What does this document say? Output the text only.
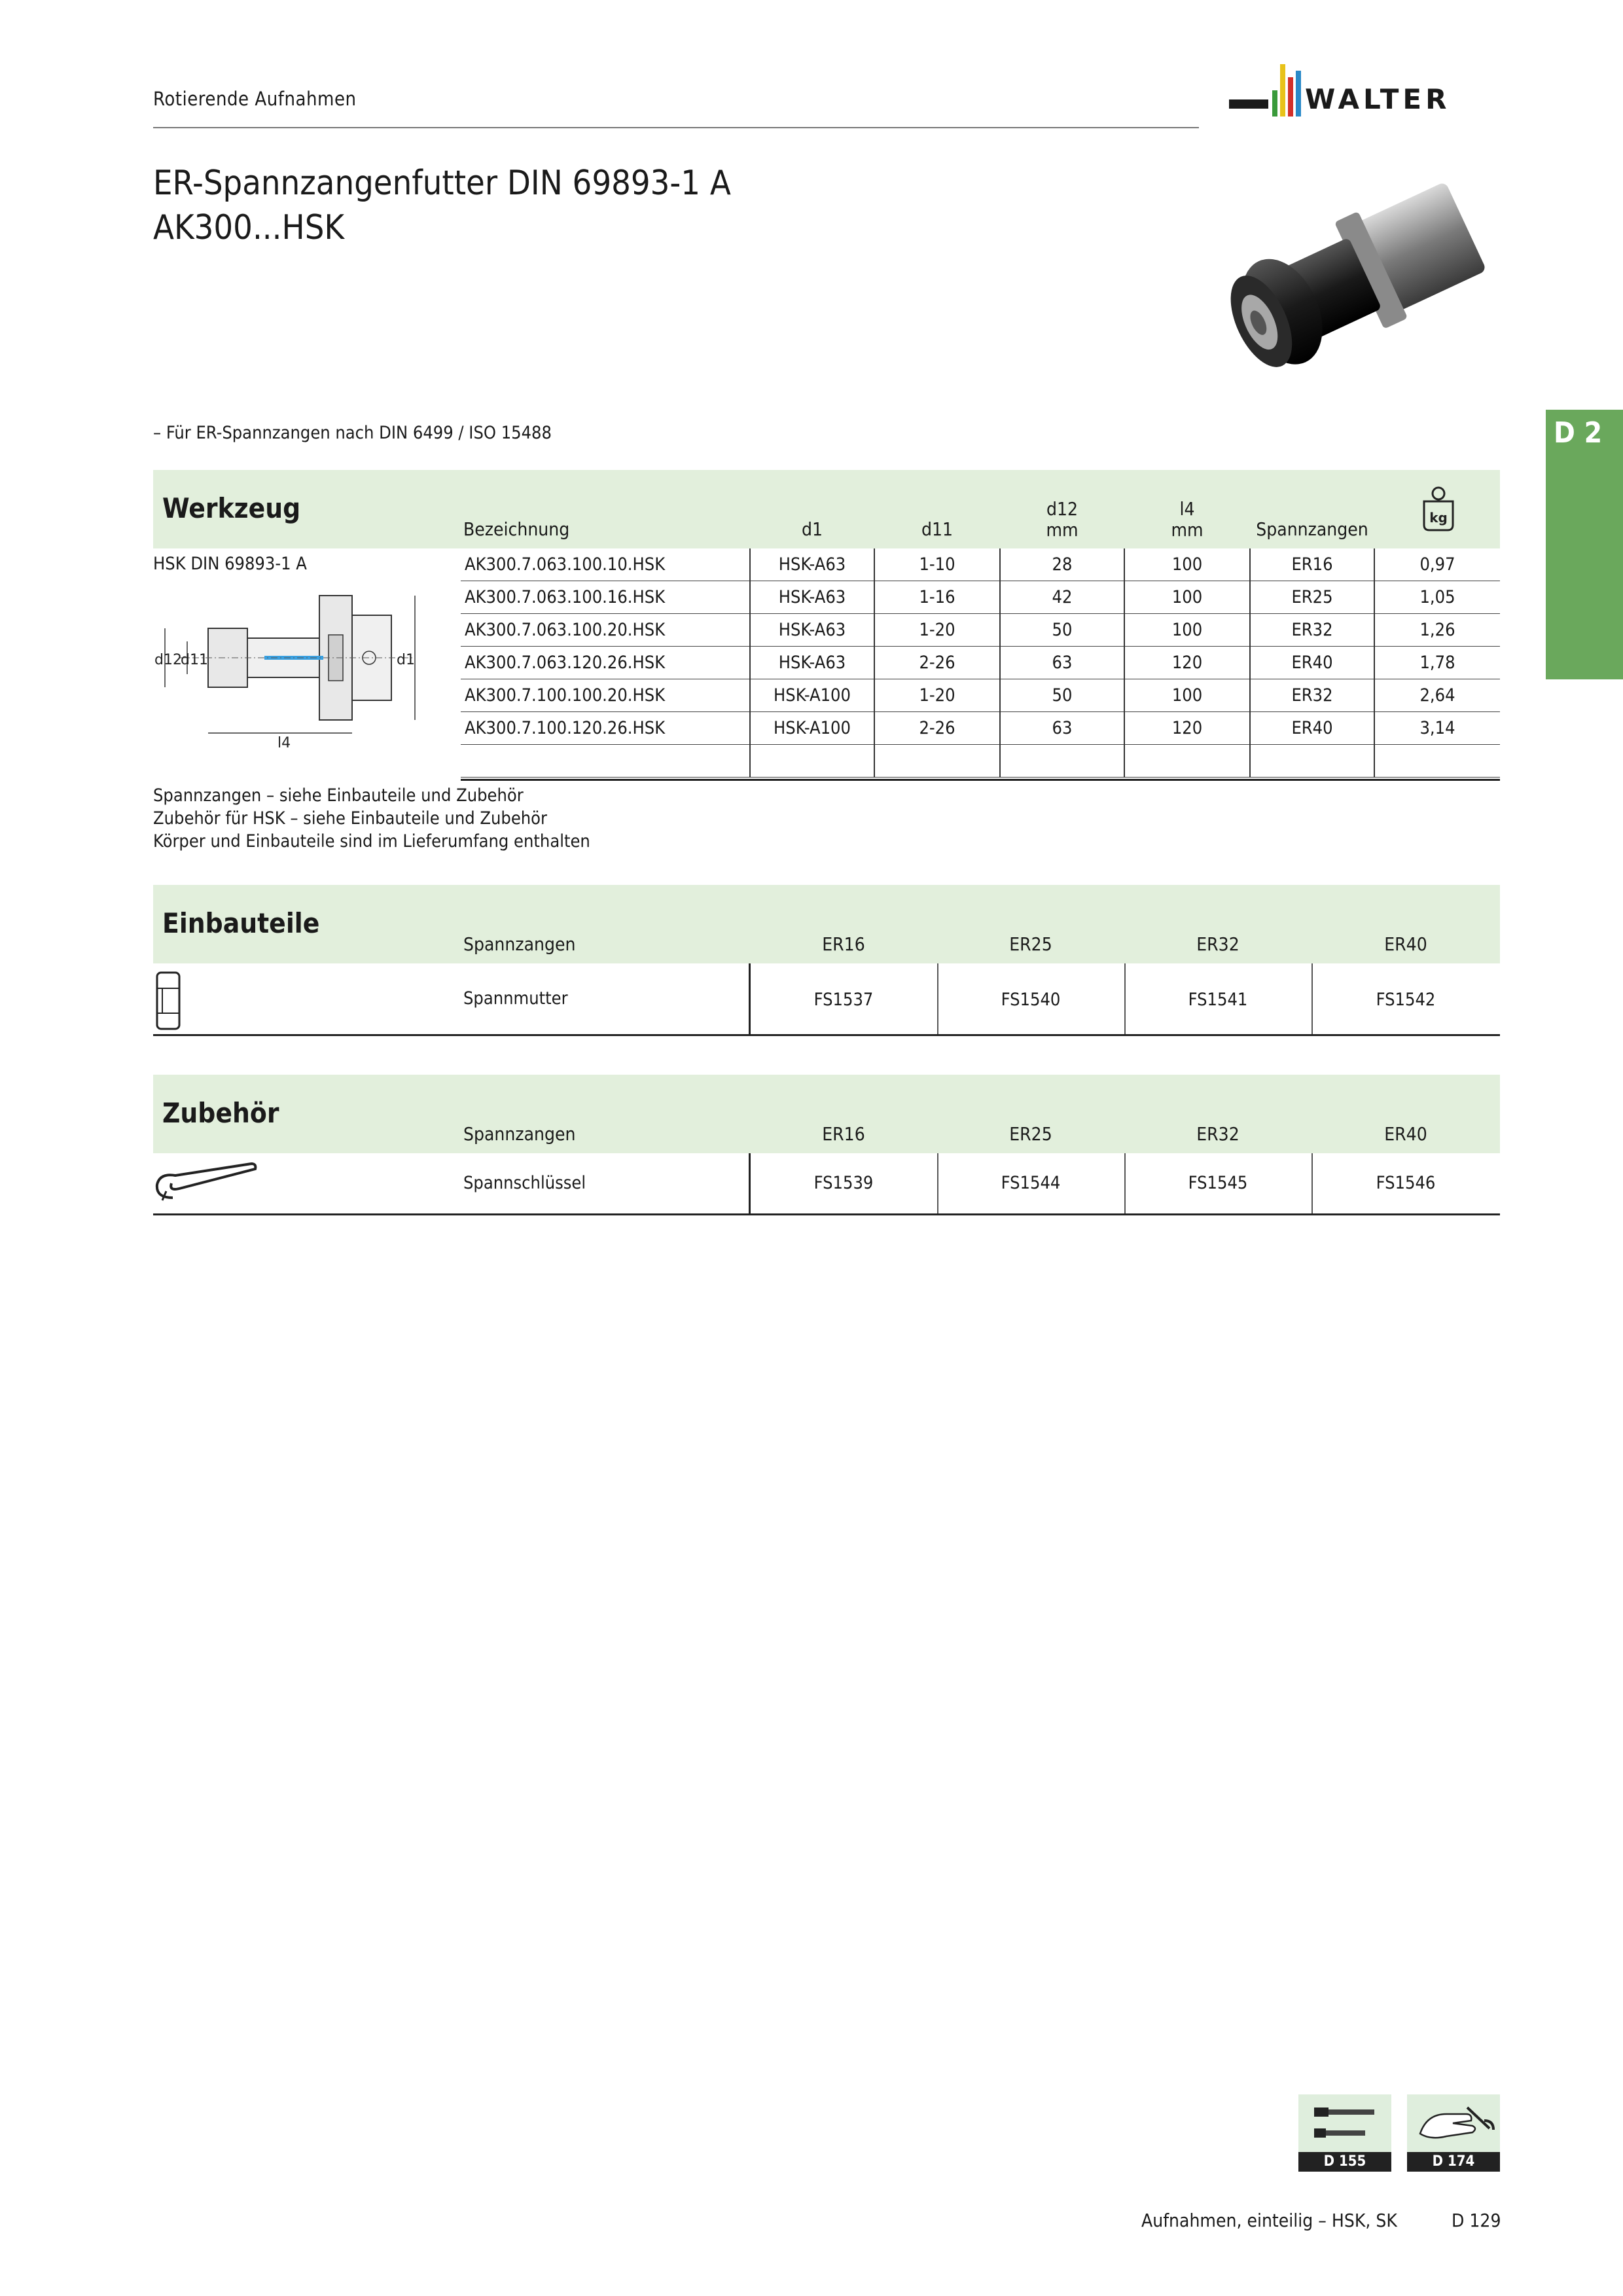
Rotierende Aufnahmen	WALTER
ER-Spannzangenfutter DIN 69893-1 A
AK300...HSK
D 2
– Für ER-Spannzangen nach DIN 6499 / ISO 15488
Werkzeug
Bezeichnung	d1	d11
d12
mm
l4
mm	Spannzangen
kg
HSK DIN 69893-1 A
d12
d11	d1
l4
AK300.7.063.100.10.HSK	HSK-A63	1-10	28	100	ER16	0,97
AK300.7.063.100.16.HSK	HSK-A63	1-16	42	100	ER25	1,05
AK300.7.063.100.20.HSK	HSK-A63	1-20	50	100	ER32	1,26
AK300.7.063.120.26.HSK	HSK-A63	2-26	63	120	ER40	1,78
AK300.7.100.100.20.HSK	HSK-A100	1-20	50	100	ER32	2,64
AK300.7.100.120.26.HSK	HSK-A100	2-26	63	120	ER40	3,14

Spannzangen – siehe Einbauteile und Zubehör
Zubehör für HSK – siehe Einbauteile und Zubehör
Körper und Einbauteile sind im Lieferumfang enthalten
Einbauteile
Spannzangen	ER16	ER25	ER32	ER40
Spannmutter	FS1537	FS1540	FS1541	FS1542
Zubehör
Spannzangen	ER16	ER25	ER32	ER40
Spannschlüssel	FS1539	FS1544	FS1545	FS1546
D 155	D 174
Aufnahmen, einteilig – HSK, SK	D 129
